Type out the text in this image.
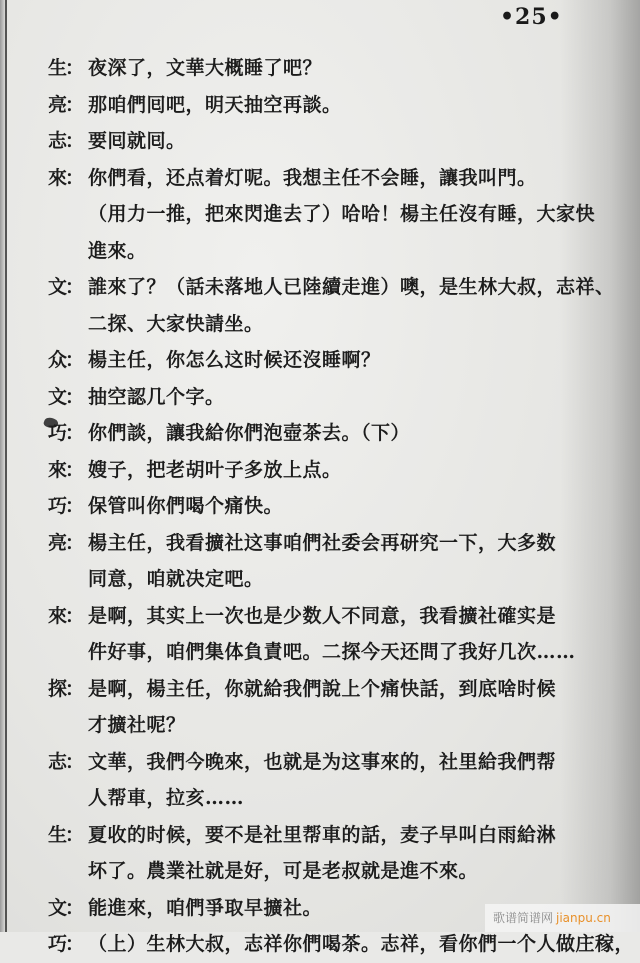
•25•
生 ：	夜深了，文華大概睡了吧？
亮 ：	那咱們囘吧，明天抽空再談。
志 ：	要囘就囘。
來 ：	你們看，还点着灯呢。我想主任不会睡，讓我叫門。
（用力一推，把來閃進去了）哈哈！楊主任沒有睡，大家快
進來。
文 ：	誰來了？（話未落地人已陸續走進）噢，是生林大叔，志祥、
二探、大家快請坐。
众 ：	楊主任，你怎么这时候还沒睡啊？
文 ：	抽空認几个字。
巧 ：	你們談，讓我給你們泡壺茶去。（下）
來 ：	嫂子，把老胡叶子多放上点。
巧 ：	保管叫你們喝个痛快。
亮 ：	楊主任，我看擴社这事咱們社委会再研究一下，大多数
同意，咱就决定吧。
來 ：	是啊，其实上一次也是少数人不同意，我看擴社確实是
件好事，咱們集体負責吧。二探今天还問了我好几次……
探 ：	是啊，楊主任，你就給我們說上个痛快話，到底啥时候
才擴社呢？
志 ：	文華，我們今晚來，也就是为这事來的，社里給我們帮
人帮車，拉亥……
生 ：	夏收的时候，要不是社里帮車的話，麦子早叫白雨給淋
坏了。農業社就是好，可是老叔就是進不來。
文 ：	能進來，咱們爭取早擴社。
巧 ：	（上）生林大叔，志祥你們喝茶。志祥，看你們一个人做庄稼，
歌谱简谱网 jianpu.cn
